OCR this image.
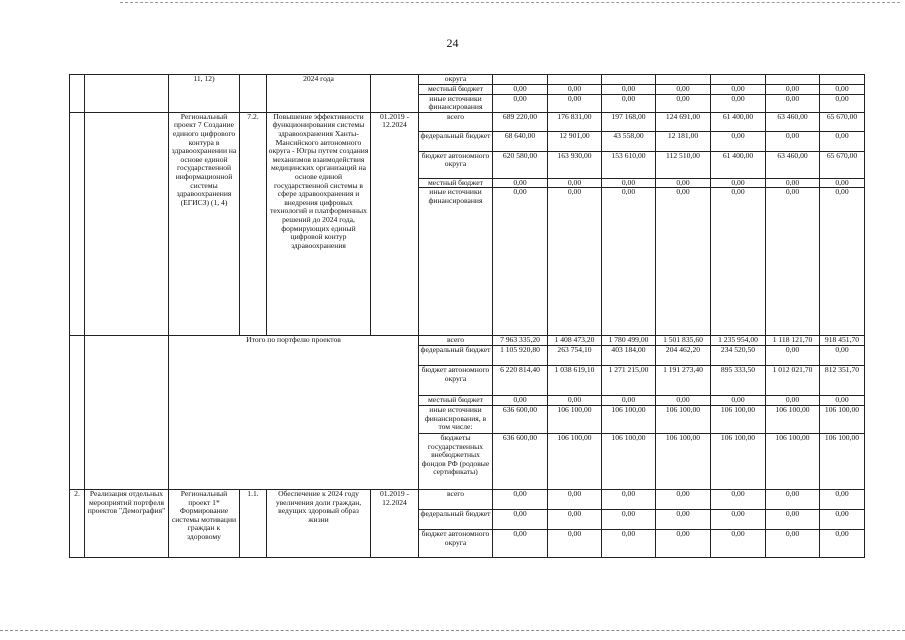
24
		11, 12)		2024 года		округа							
						местный бюджет	0,00	0,00	0,00	0,00	0,00	0,00	0,00
						иные источники финансирования	0,00	0,00	0,00	0,00	0,00	0,00	0,00
		Региональный проект 7 Создание единого цифрового контура в здравоохранении на основе единой государственной информационной системы здравоохранения (ЕГИСЗ) (1, 4)	7.2.	Повышение эффективности функционирования системы здравоохранения Ханты-Мансийского автономного округа - Югры путем создания механизмов взаимодействия медицинских организаций на основе единой государственной системы в сфере здравоохранения и внедрения цифровых технологий и платформенных решений до 2024 года, формирующих единый цифровой контур здравоохранения	01.2019 - 12.2024	всего	689 220,00	176 831,00	197 168,00	124 691,00	61 400,00	63 460,00	65 670,00
						федеральный бюджет	68 640,00	12 901,00	43 558,00	12 181,00	0,00	0,00	0,00
						бюджет автономного округа	620 580,00	163 930,00	153 610,00	112 510,00	61 400,00	63 460,00	65 670,00
						местный бюджет	0,00	0,00	0,00	0,00	0,00	0,00	0,00
						иные источники финансирования	0,00	0,00	0,00	0,00	0,00	0,00	0,00
		Итого по портфелю проектов				всего	7 963 335,20	1 408 473,20	1 780 499,00	1 501 835,60	1 235 954,00	1 118 121,70	918 451,70
						федеральный бюджет	1 105 920,80	263 754,10	403 184,00	204 462,20	234 520,50	0,00	0,00
						бюджет автономного округа	6 220 814,40	1 038 619,10	1 271 215,00	1 191 273,40	895 333,50	1 012 021,70	812 351,70
						местный бюджет	0,00	0,00	0,00	0,00	0,00	0,00	0,00
						иные источники финансирования, в том числе:	636 600,00	106 100,00	106 100,00	106 100,00	106 100,00	106 100,00	106 100,00
						бюджеты государственных внебюджетных фондов РФ (родовые сертификаты)	636 600,00	106 100,00	106 100,00	106 100,00	106 100,00	106 100,00	106 100,00
2.	Реализация отдельных мероприятий портфеля проектов "Демография"	Региональный проект 1* Формирование системы мотивации граждан к здоровому	1.1.	Обеспечение к 2024 году увеличения доли граждан, ведущих здоровый образ жизни	01.2019 - 12.2024	всего	0,00	0,00	0,00	0,00	0,00	0,00	0,00
						федеральный бюджет	0,00	0,00	0,00	0,00	0,00	0,00	0,00
						бюджет автономного округа	0,00	0,00	0,00	0,00	0,00	0,00	0,00
